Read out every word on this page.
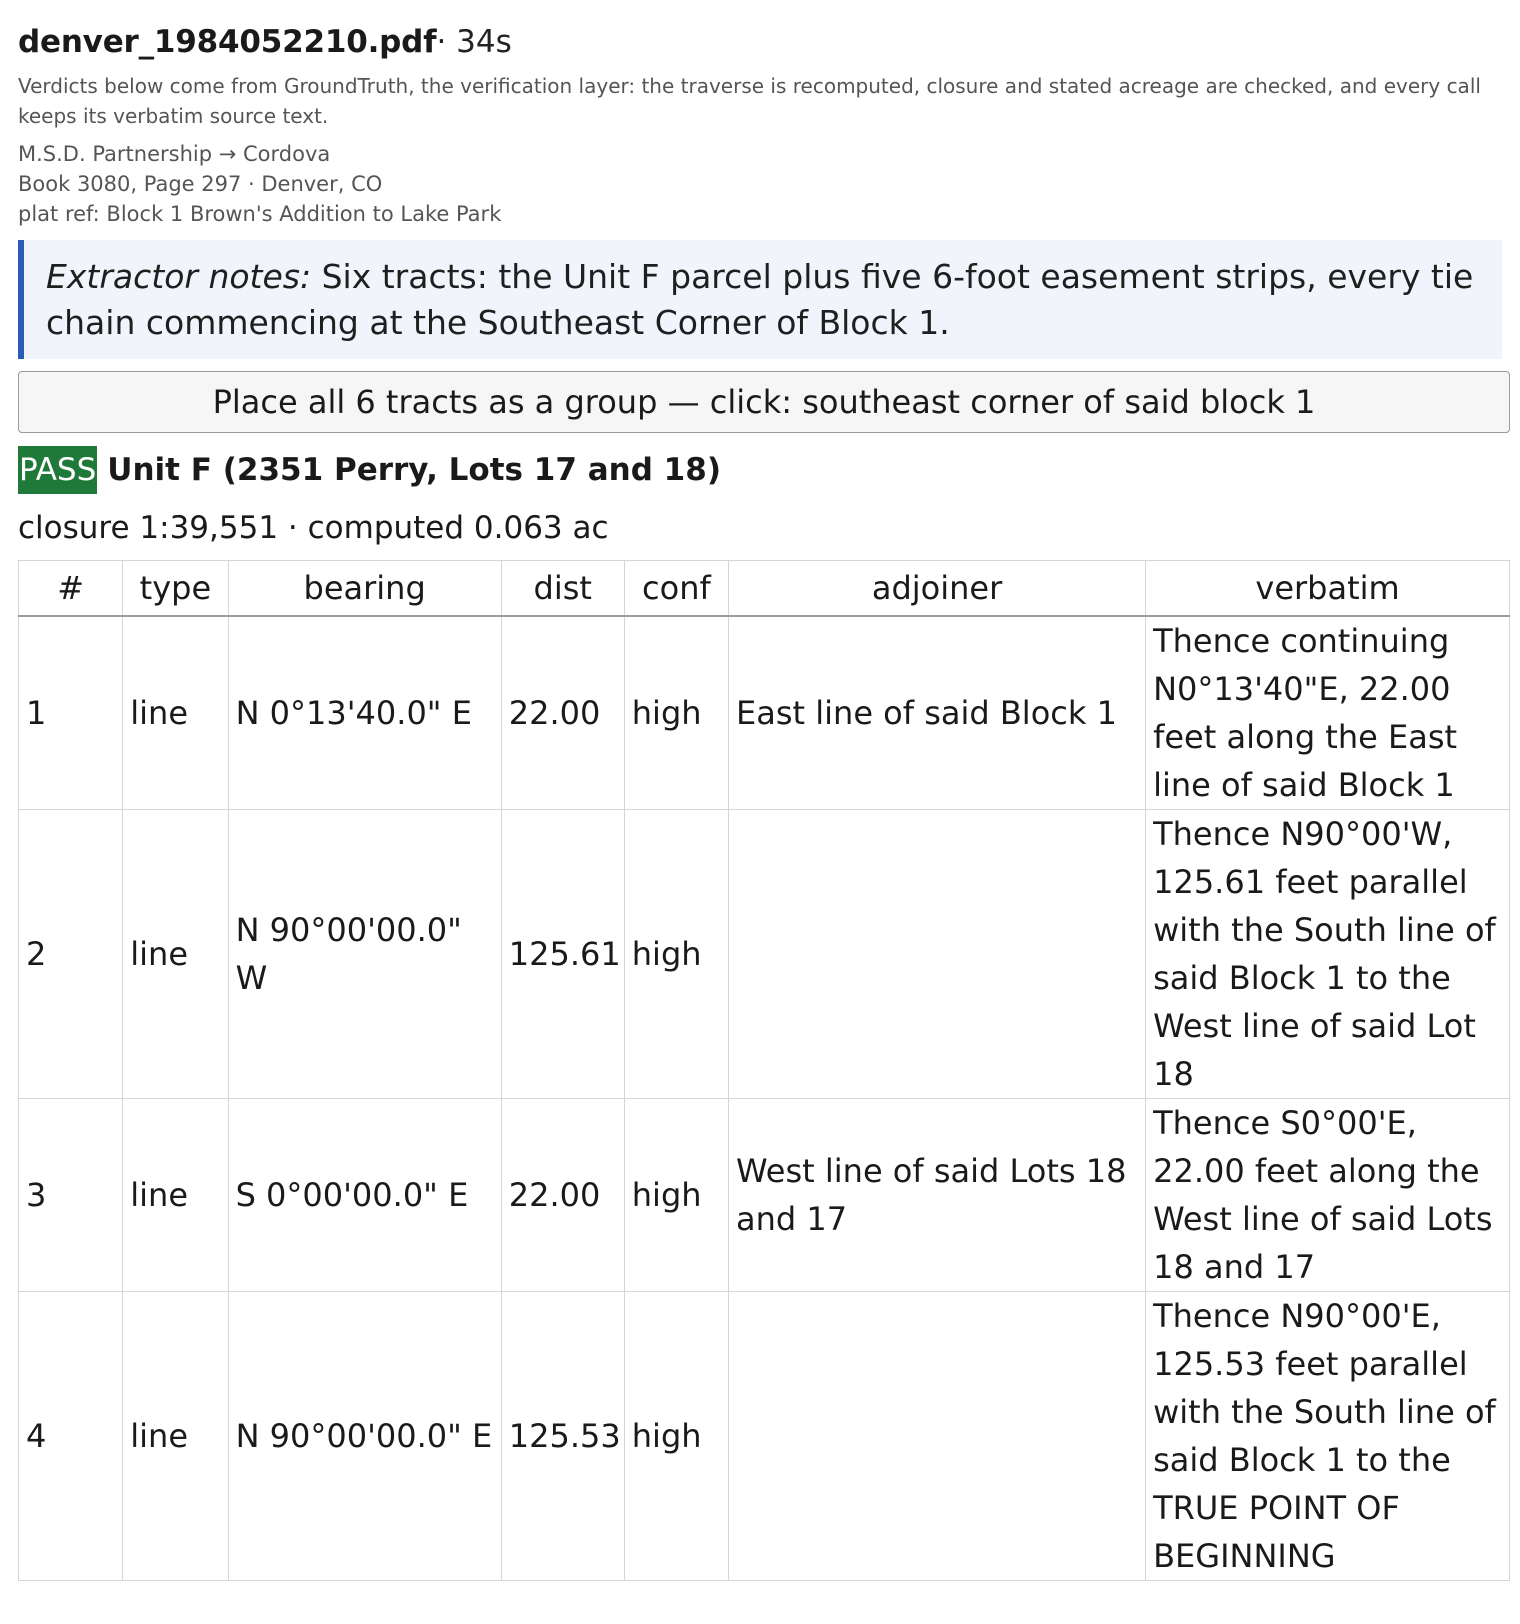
denver_1984052210.pdf · 34s
Verdicts below come from GroundTruth, the verification layer: the traverse is recomputed, closure and stated acreage are checked, and every call keeps its verbatim source text.
M.S.D. Partnership → Cordova
Book 3080, Page 297 · Denver, CO
plat ref: Block 1 Brown's Addition to Lake Park
Extractor notes: Six tracts: the Unit F parcel plus five 6-foot easement strips, every tie chain commencing at the Southeast Corner of Block 1.
Place all 6 tracts as a group — click: southeast corner of said block 1
PASS Unit F (2351 Perry, Lots 17 and 18)
closure 1:39,551 · computed 0.063 ac
#	type	bearing	dist	conf	adjoiner	verbatim
1	line	N 0°13'40.0" E	22.00	high	East line of said Block 1	Thence continuing N0°13'40"E, 22.00 feet along the East line of said Block 1
2	line	N 90°00'00.0" W	125.61	high		Thence N90°00'W, 125.61 feet parallel with the South line of said Block 1 to the West line of said Lot 18
3	line	S 0°00'00.0" E	22.00	high	West line of said Lots 18 and 17	Thence S0°00'E, 22.00 feet along the West line of said Lots 18 and 17
4	line	N 90°00'00.0" E	125.53	high		Thence N90°00'E, 125.53 feet parallel with the South line of said Block 1 to the TRUE POINT OF BEGINNING
